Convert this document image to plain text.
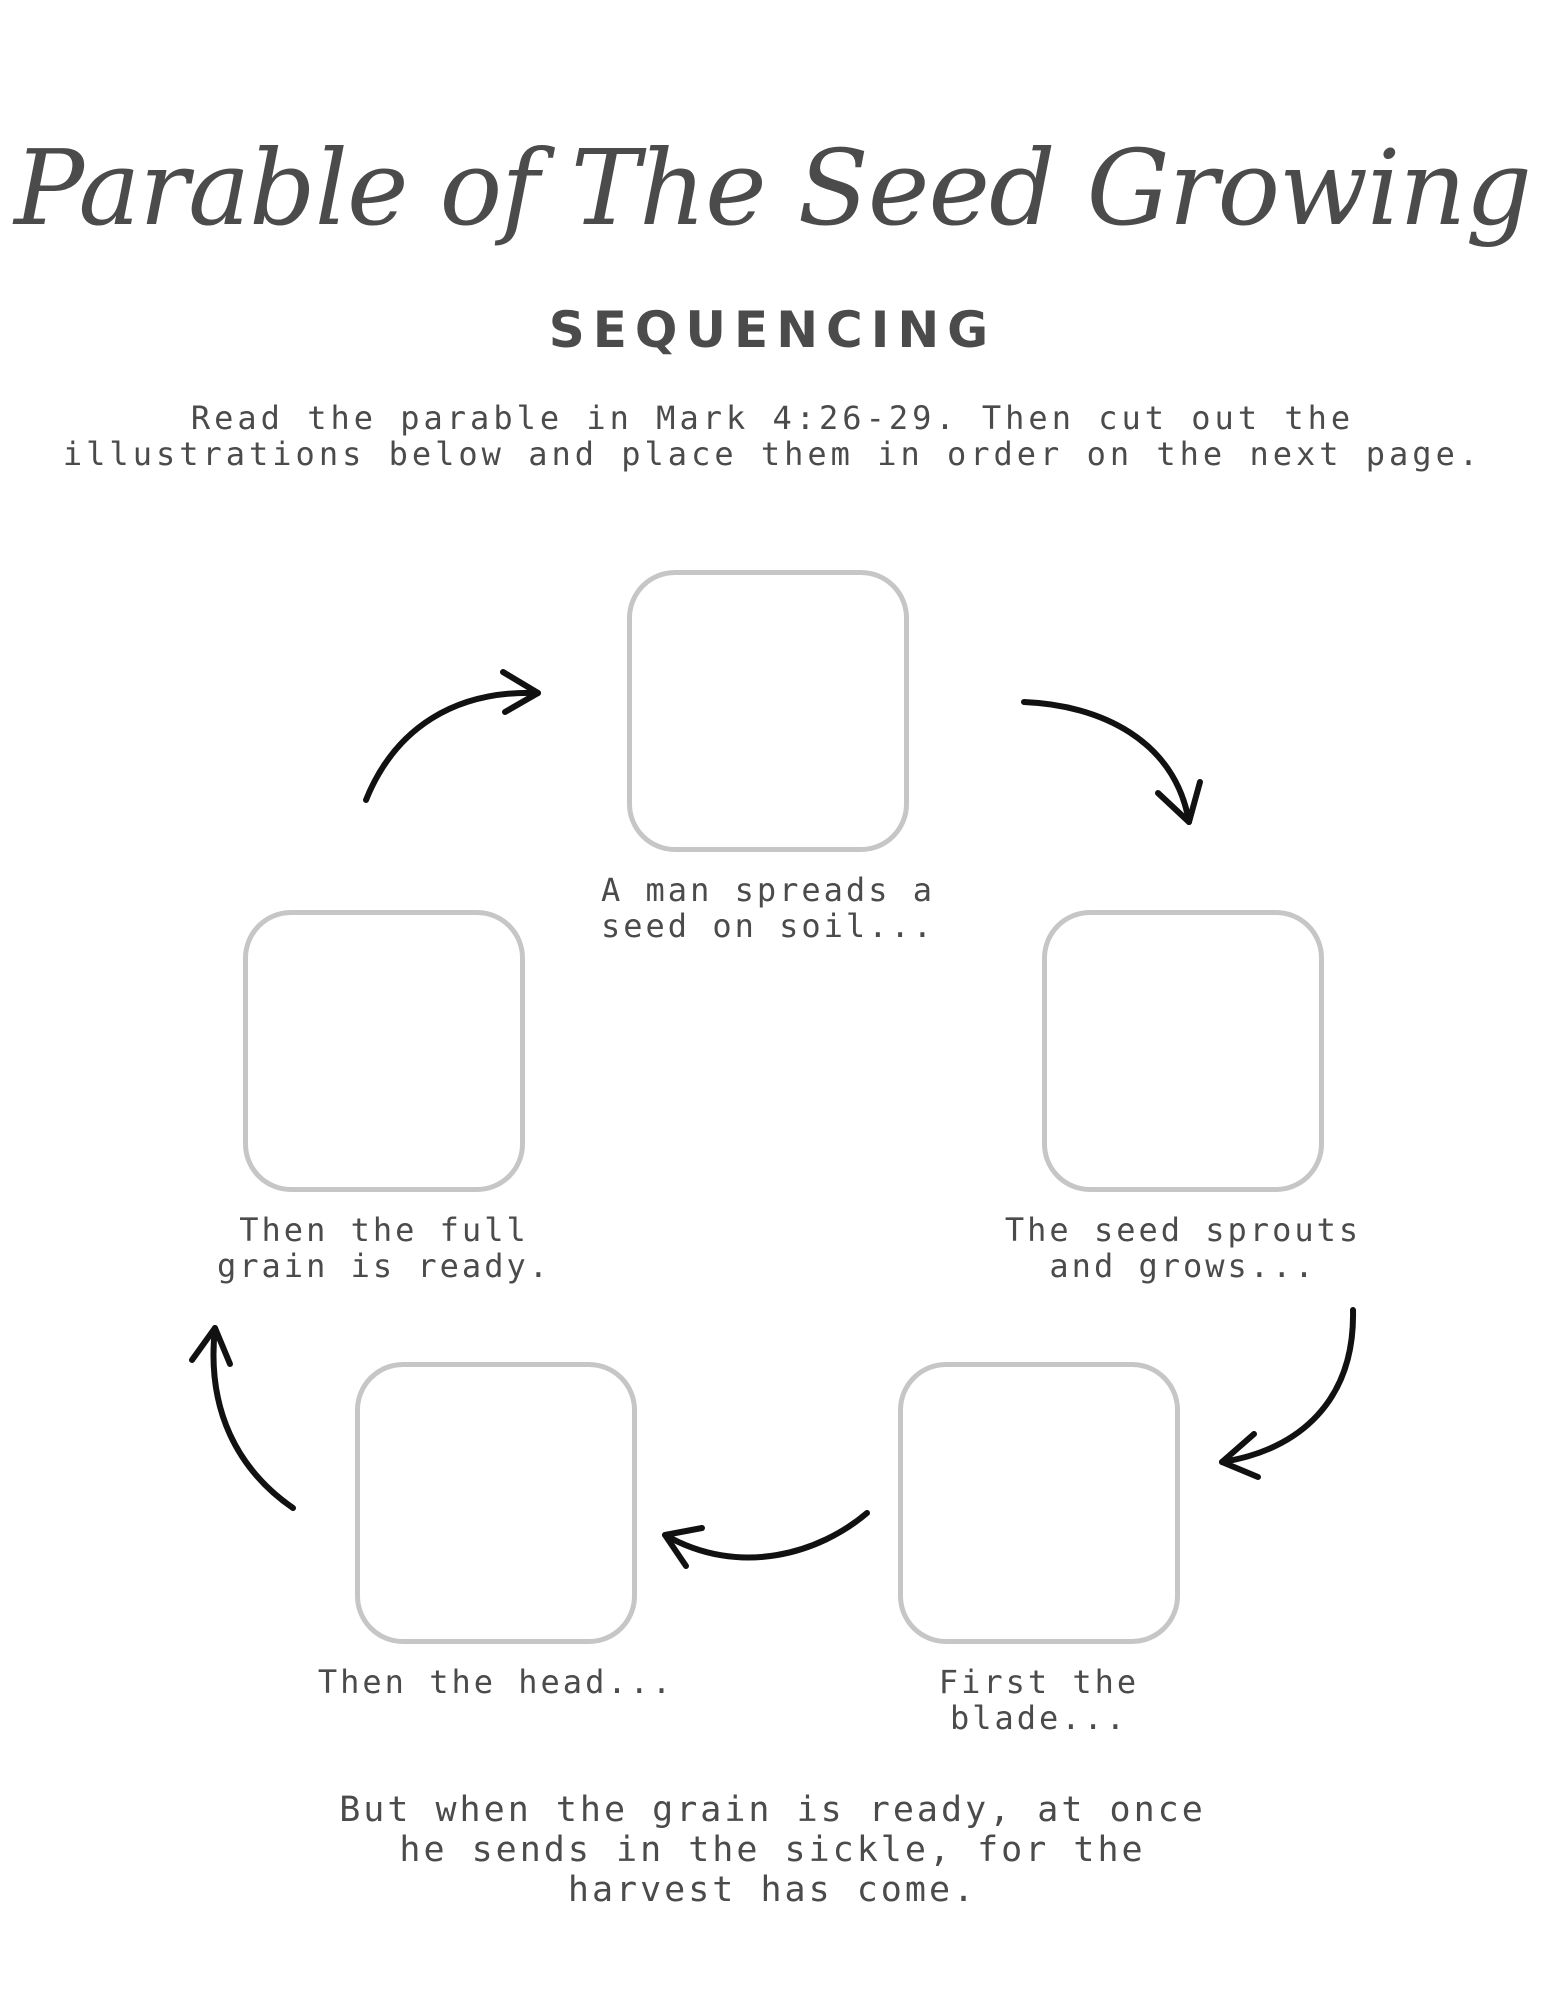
Parable of The Seed Growing
SEQUENCING
Read the parable in Mark 4:26-29. Then cut out the illustrations below and place them in order on the next page.
A man spreads a
seed on soil...
The seed sprouts
and grows...
First the blade...
Then the head...
Then the full
grain is ready.
But when the grain is ready, at once he sends in the sickle, for the harvest has come.
